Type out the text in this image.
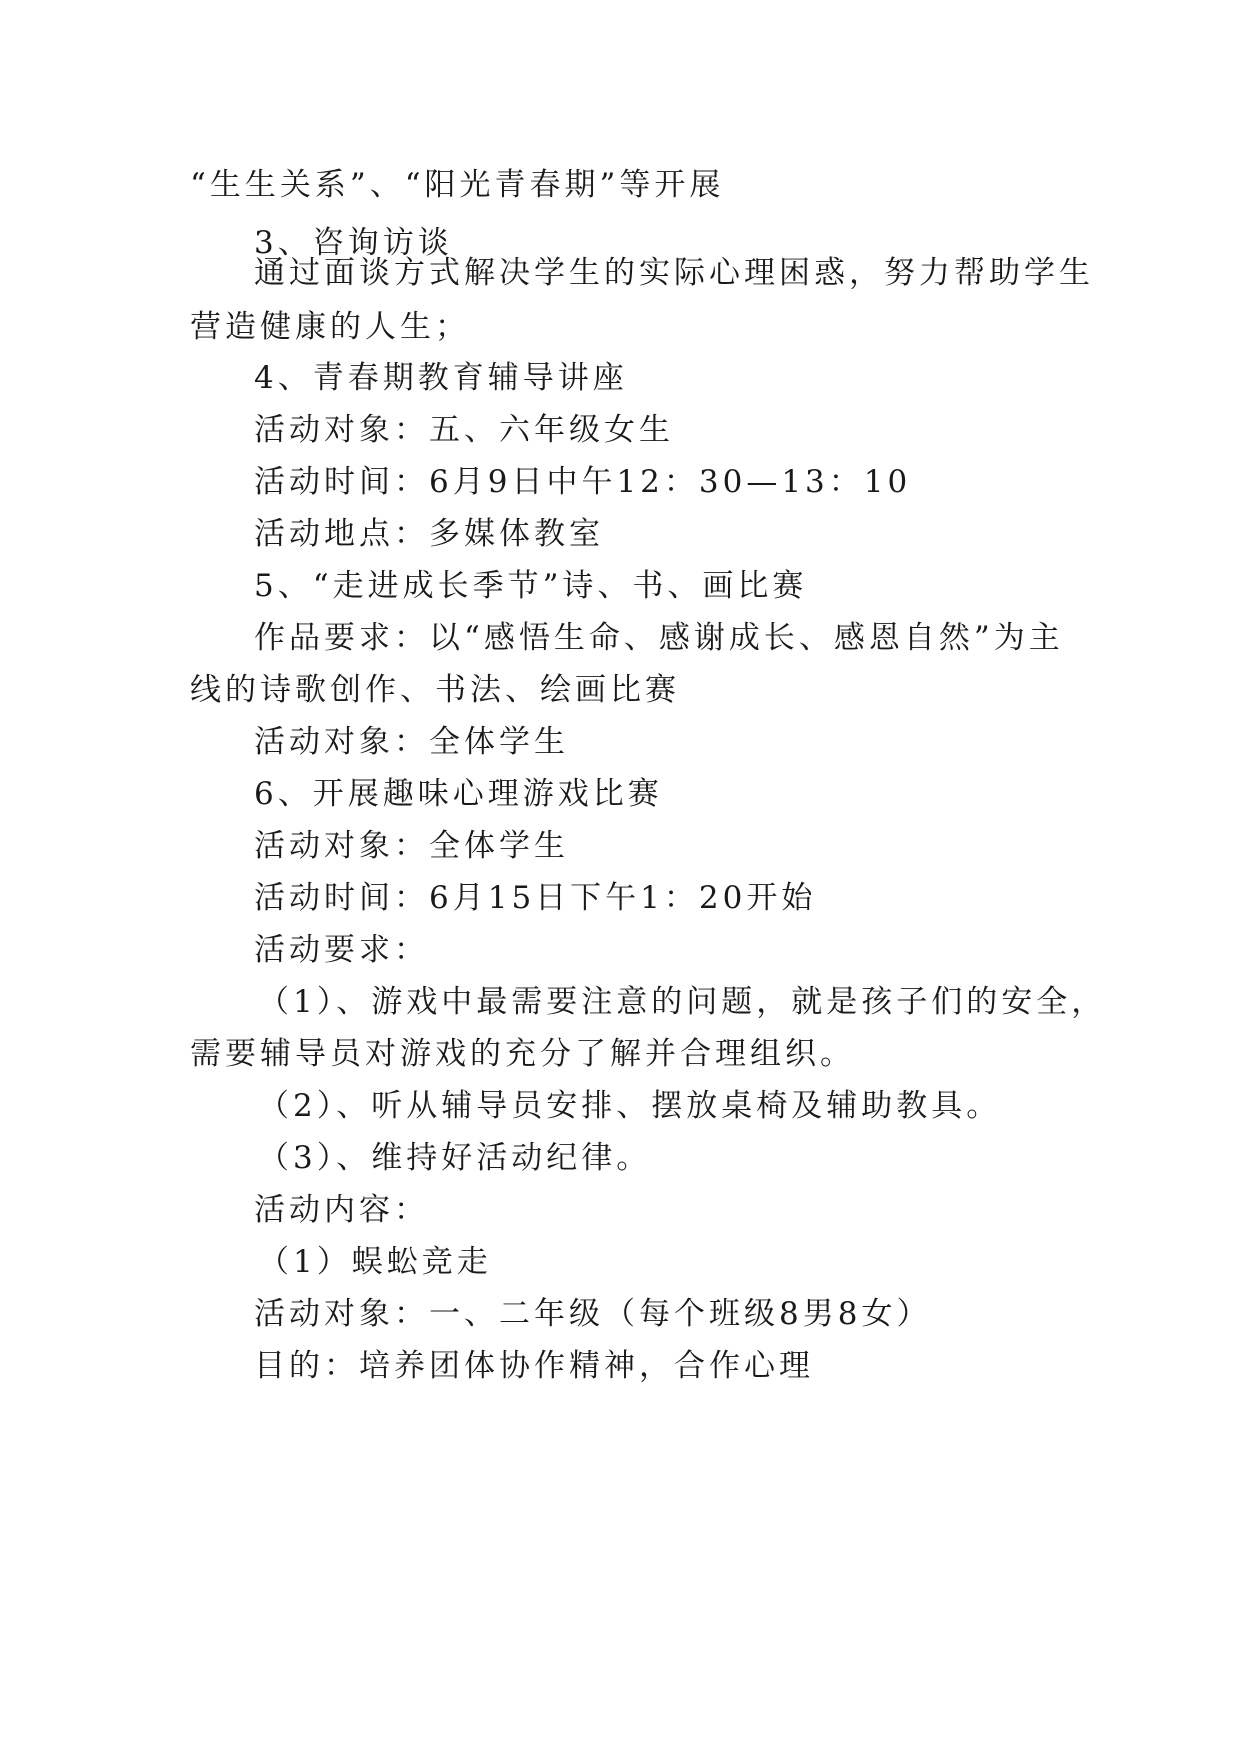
“生生关系”、“阳光青春期”等开展
3、咨询访谈
通过面谈方式解决学生的实际心理困惑，努力帮助学生
营造健康的人生；
4、青春期教育辅导讲座
活动对象：五、六年级女生
活动时间：6月9日中午12：30—13：10
活动地点：多媒体教室
5、“走进成长季节”诗、书、画比赛
作品要求：以“感悟生命、感谢成长、感恩自然”为主
线的诗歌创作、书法、绘画比赛
活动对象：全体学生
6、开展趣味心理游戏比赛
活动对象：全体学生
活动时间：6月15日下午1：20开始
活动要求：
（1）、游戏中最需要注意的问题，就是孩子们的安全，
需要辅导员对游戏的充分了解并合理组织。
（2）、听从辅导员安排、摆放桌椅及辅助教具。
（3）、维持好活动纪律。
活动内容：
（1）蜈蚣竞走
活动对象：一、二年级（每个班级8男8女）
目的：培养团体协作精神，合作心理
